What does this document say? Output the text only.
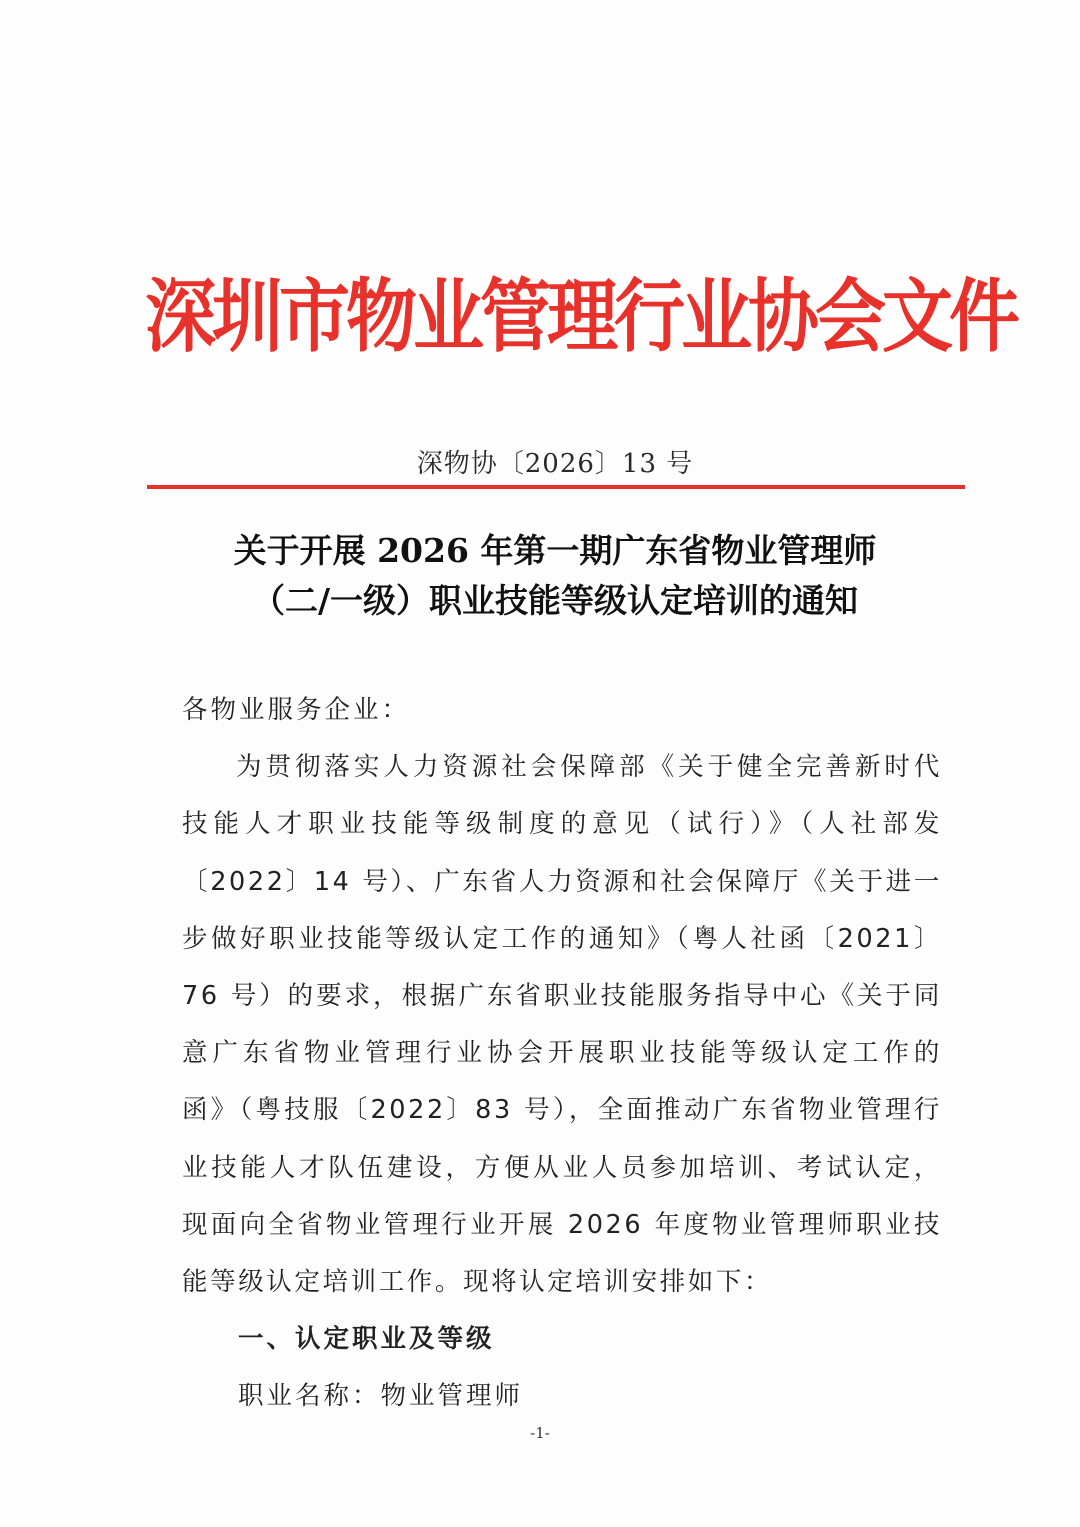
深圳市物业管理行业协会文件
深物协〔2026〕13 号
关于开展 2026 年第一期广东省物业管理师
（二/一级）职业技能等级认定培训的通知
各物业服务企业：
为贯彻落实人力资源社会保障部《关于健全完善新时代
技能人才职业技能等级制度的意见（试行）》（人社部发
〔2022〕14 号）、广东省人力资源和社会保障厅《关于进一
步做好职业技能等级认定工作的通知》（粤人社函〔2021〕
76 号）的要求，根据广东省职业技能服务指导中心《关于同
意广东省物业管理行业协会开展职业技能等级认定工作的
函》（粤技服〔2022〕83 号），全面推动广东省物业管理行
业技能人才队伍建设，方便从业人员参加培训、考试认定，
现面向全省物业管理行业开展 2026 年度物业管理师职业技
能等级认定培训工作。现将认定培训安排如下：
一、认定职业及等级
职业名称：物业管理师
-1-
